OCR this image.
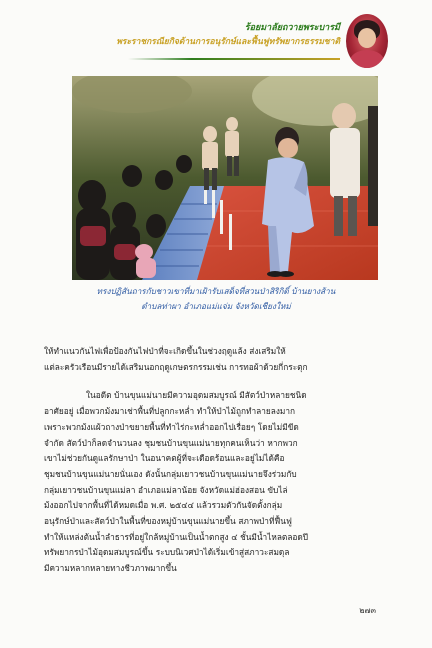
ร้อยมาลัยถวายพระบารมี
พระราชกรณียกิจด้านการอนุรักษ์และฟื้นฟูทรัพยากรธรรมชาติ
ทรงปฏิสันถารกับชาวเขาที่มาเฝ้ารับเสด็จที่สวนป่าสิริกิติ์ บ้านยางส้าน
ตำบลท่าผา อำเภอแม่แจ่ม จังหวัดเชียงใหม่

ให้ทำแนวกันไฟเพื่อป้องกันไฟป่าที่จะเกิดขึ้นในช่วงฤดูแล้ง ส่งเสริมให้

แต่ละครัวเรือนมีรายได้เสริมนอกฤดูเกษตรกรรมเช่น การทอผ้าด้วยกี่กระตุก

ในอดีต บ้านขุนแม่นายมีความอุดมสมบูรณ์ มีสัตว์ป่าหลายชนิด

อาศัยอยู่ เมื่อพวกม้งมาเช่าพื้นที่ปลูกกะหล่ำ ทำให้ป่าไม้ถูกทำลายลงมาก

เพราะพวกม้งแผ้วถางป่าขยายพื้นที่ทำไร่กะหล่ำออกไปเรื่อยๆ โดยไม่มีขีด

จำกัด สัตว์ป่าก็ลดจำนวนลง ชุมชนบ้านขุนแม่นายทุกคนเห็นว่า หากพวก

เขาไม่ช่วยกันดูแลรักษาป่า ในอนาคตผู้ที่จะเดือดร้อนและอยู่ไม่ได้คือ

ชุมชนบ้านขุนแม่นายนั่นเอง ดังนั้นกลุ่มเยาวชนบ้านขุนแม่นายจึงร่วมกับ

กลุ่มเยาวชนบ้านขุนแม่ลา อำเภอแม่ลาน้อย จังหวัดแม่ฮ่องสอน ขับไล่

ม้งออกไปจากพื้นที่ได้หมดเมื่อ พ.ศ. ๒๕๔๔ แล้วรวมตัวกันจัดตั้งกลุ่ม

อนุรักษ์ป่าและสัตว์ป่าในพื้นที่ของหมู่บ้านขุนแม่นายขึ้น สภาพป่าที่ฟื้นฟู

ทำให้แหล่งต้นน้ำลำธารที่อยู่ใกล้หมู่บ้านเป็นน้ำตกสูง ๔ ชั้นมีน้ำไหลตลอดปี

ทรัพยากรป่าไม้อุดมสมบูรณ์ขึ้น ระบบนิเวศป่าได้เริ่มเข้าสู่สภาวะสมดุล

มีความหลากหลายทางชีวภาพมากขึ้น

๒๗๓
